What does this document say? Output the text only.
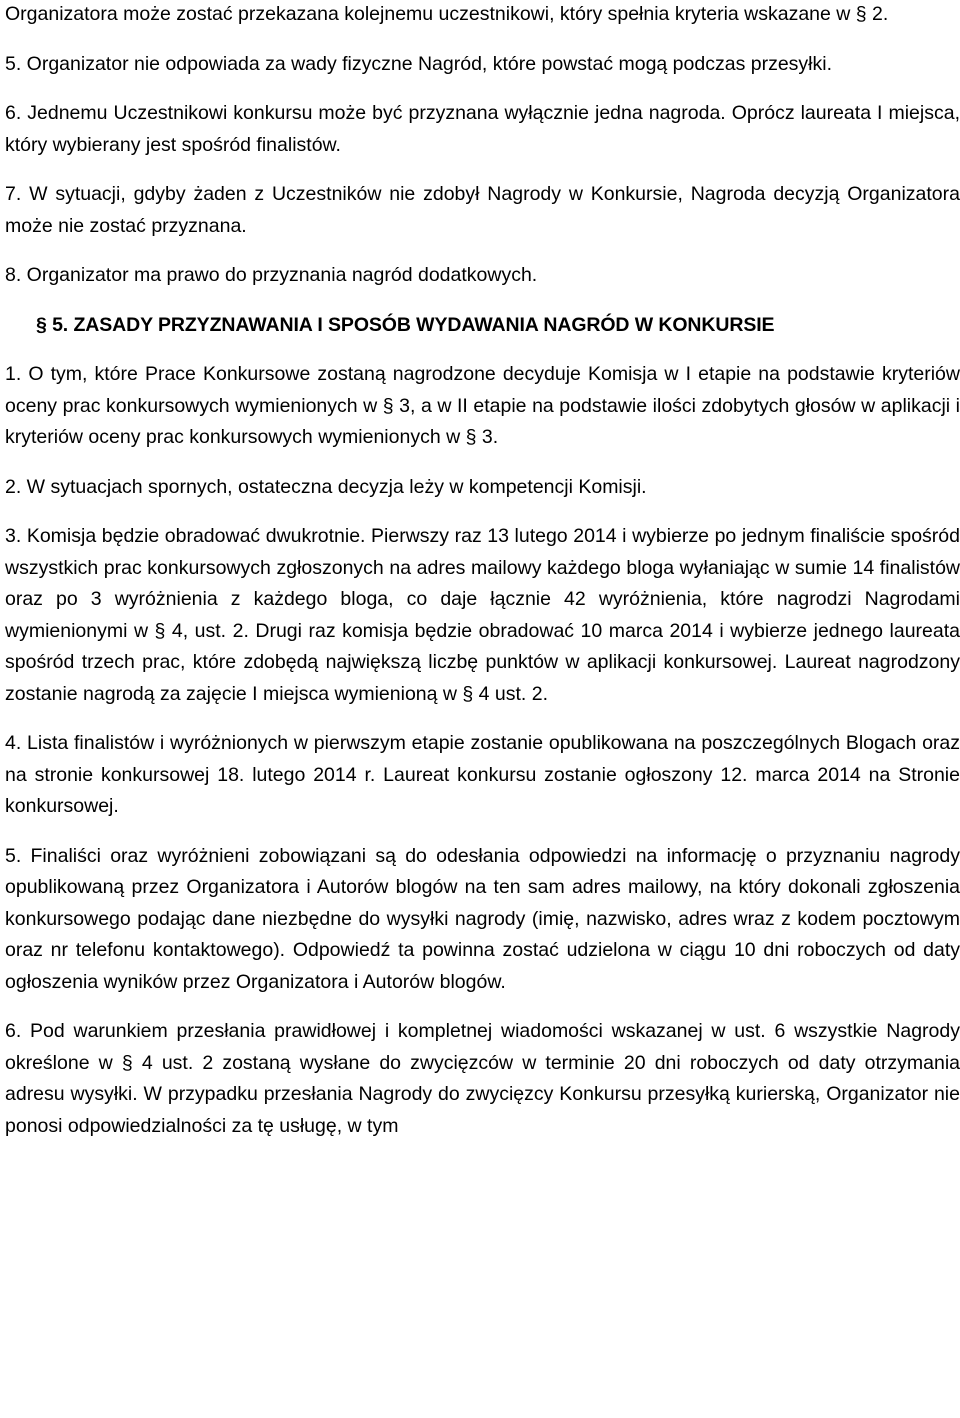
Organizatora może zostać przekazana kolejnemu uczestnikowi, który spełnia kryteria wskazane w § 2.

5. Organizator nie odpowiada za wady fizyczne Nagród, które powstać mogą podczas przesyłki.

6. Jednemu Uczestnikowi konkursu może być przyznana wyłącznie jedna nagroda. Oprócz laureata I miejsca, który wybierany jest spośród finalistów.

7. W sytuacji, gdyby żaden z Uczestników nie zdobył Nagrody w Konkursie, Nagroda decyzją Organizatora może nie zostać przyznana.

8. Organizator ma prawo do przyznania nagród dodatkowych.

§ 5. ZASADY PRZYZNAWANIA I SPOSÓB WYDAWANIA NAGRÓD W KONKURSIE

1. O tym, które Prace Konkursowe zostaną nagrodzone decyduje Komisja w I etapie na podstawie kryteriów oceny prac konkursowych wymienionych w § 3, a w II etapie na podstawie ilości zdobytych głosów w aplikacji i kryteriów oceny prac konkursowych wymienionych w § 3.

2. W sytuacjach spornych, ostateczna decyzja leży w kompetencji Komisji.

3. Komisja będzie obradować dwukrotnie. Pierwszy raz 13 lutego 2014 i wybierze po jednym finaliście spośród wszystkich prac konkursowych zgłoszonych na adres mailowy każdego bloga wyłaniając w sumie 14 finalistów oraz po 3 wyróżnienia z każdego bloga, co daje łącznie 42 wyróżnienia, które nagrodzi Nagrodami wymienionymi w § 4, ust. 2. Drugi raz komisja będzie obradować 10 marca 2014 i wybierze jednego laureata spośród trzech prac, które zdobędą największą liczbę punktów w aplikacji konkursowej. Laureat nagrodzony zostanie nagrodą za zajęcie I miejsca wymienioną w § 4 ust. 2.

4. Lista finalistów i wyróżnionych w pierwszym etapie zostanie opublikowana na poszczególnych Blogach oraz na stronie konkursowej 18. lutego 2014 r. Laureat konkursu zostanie ogłoszony 12. marca 2014 na Stronie konkursowej.

5. Finaliści oraz wyróżnieni zobowiązani są do odesłania odpowiedzi na informację o przyznaniu nagrody opublikowaną przez Organizatora i Autorów blogów na ten sam adres mailowy, na który dokonali zgłoszenia konkursowego podając dane niezbędne do wysyłki nagrody (imię, nazwisko, adres wraz z kodem pocztowym oraz nr telefonu kontaktowego). Odpowiedź ta powinna zostać udzielona w ciągu 10 dni roboczych od daty ogłoszenia wyników przez Organizatora i Autorów blogów.

6. Pod warunkiem przesłania prawidłowej i kompletnej wiadomości wskazanej w ust. 6 wszystkie Nagrody określone w § 4 ust. 2 zostaną wysłane do zwycięzców w terminie 20 dni roboczych od daty otrzymania adresu wysyłki. W przypadku przesłania Nagrody do zwycięzcy Konkursu przesyłką kurierską, Organizator nie ponosi odpowiedzialności za tę usługę, w tym
